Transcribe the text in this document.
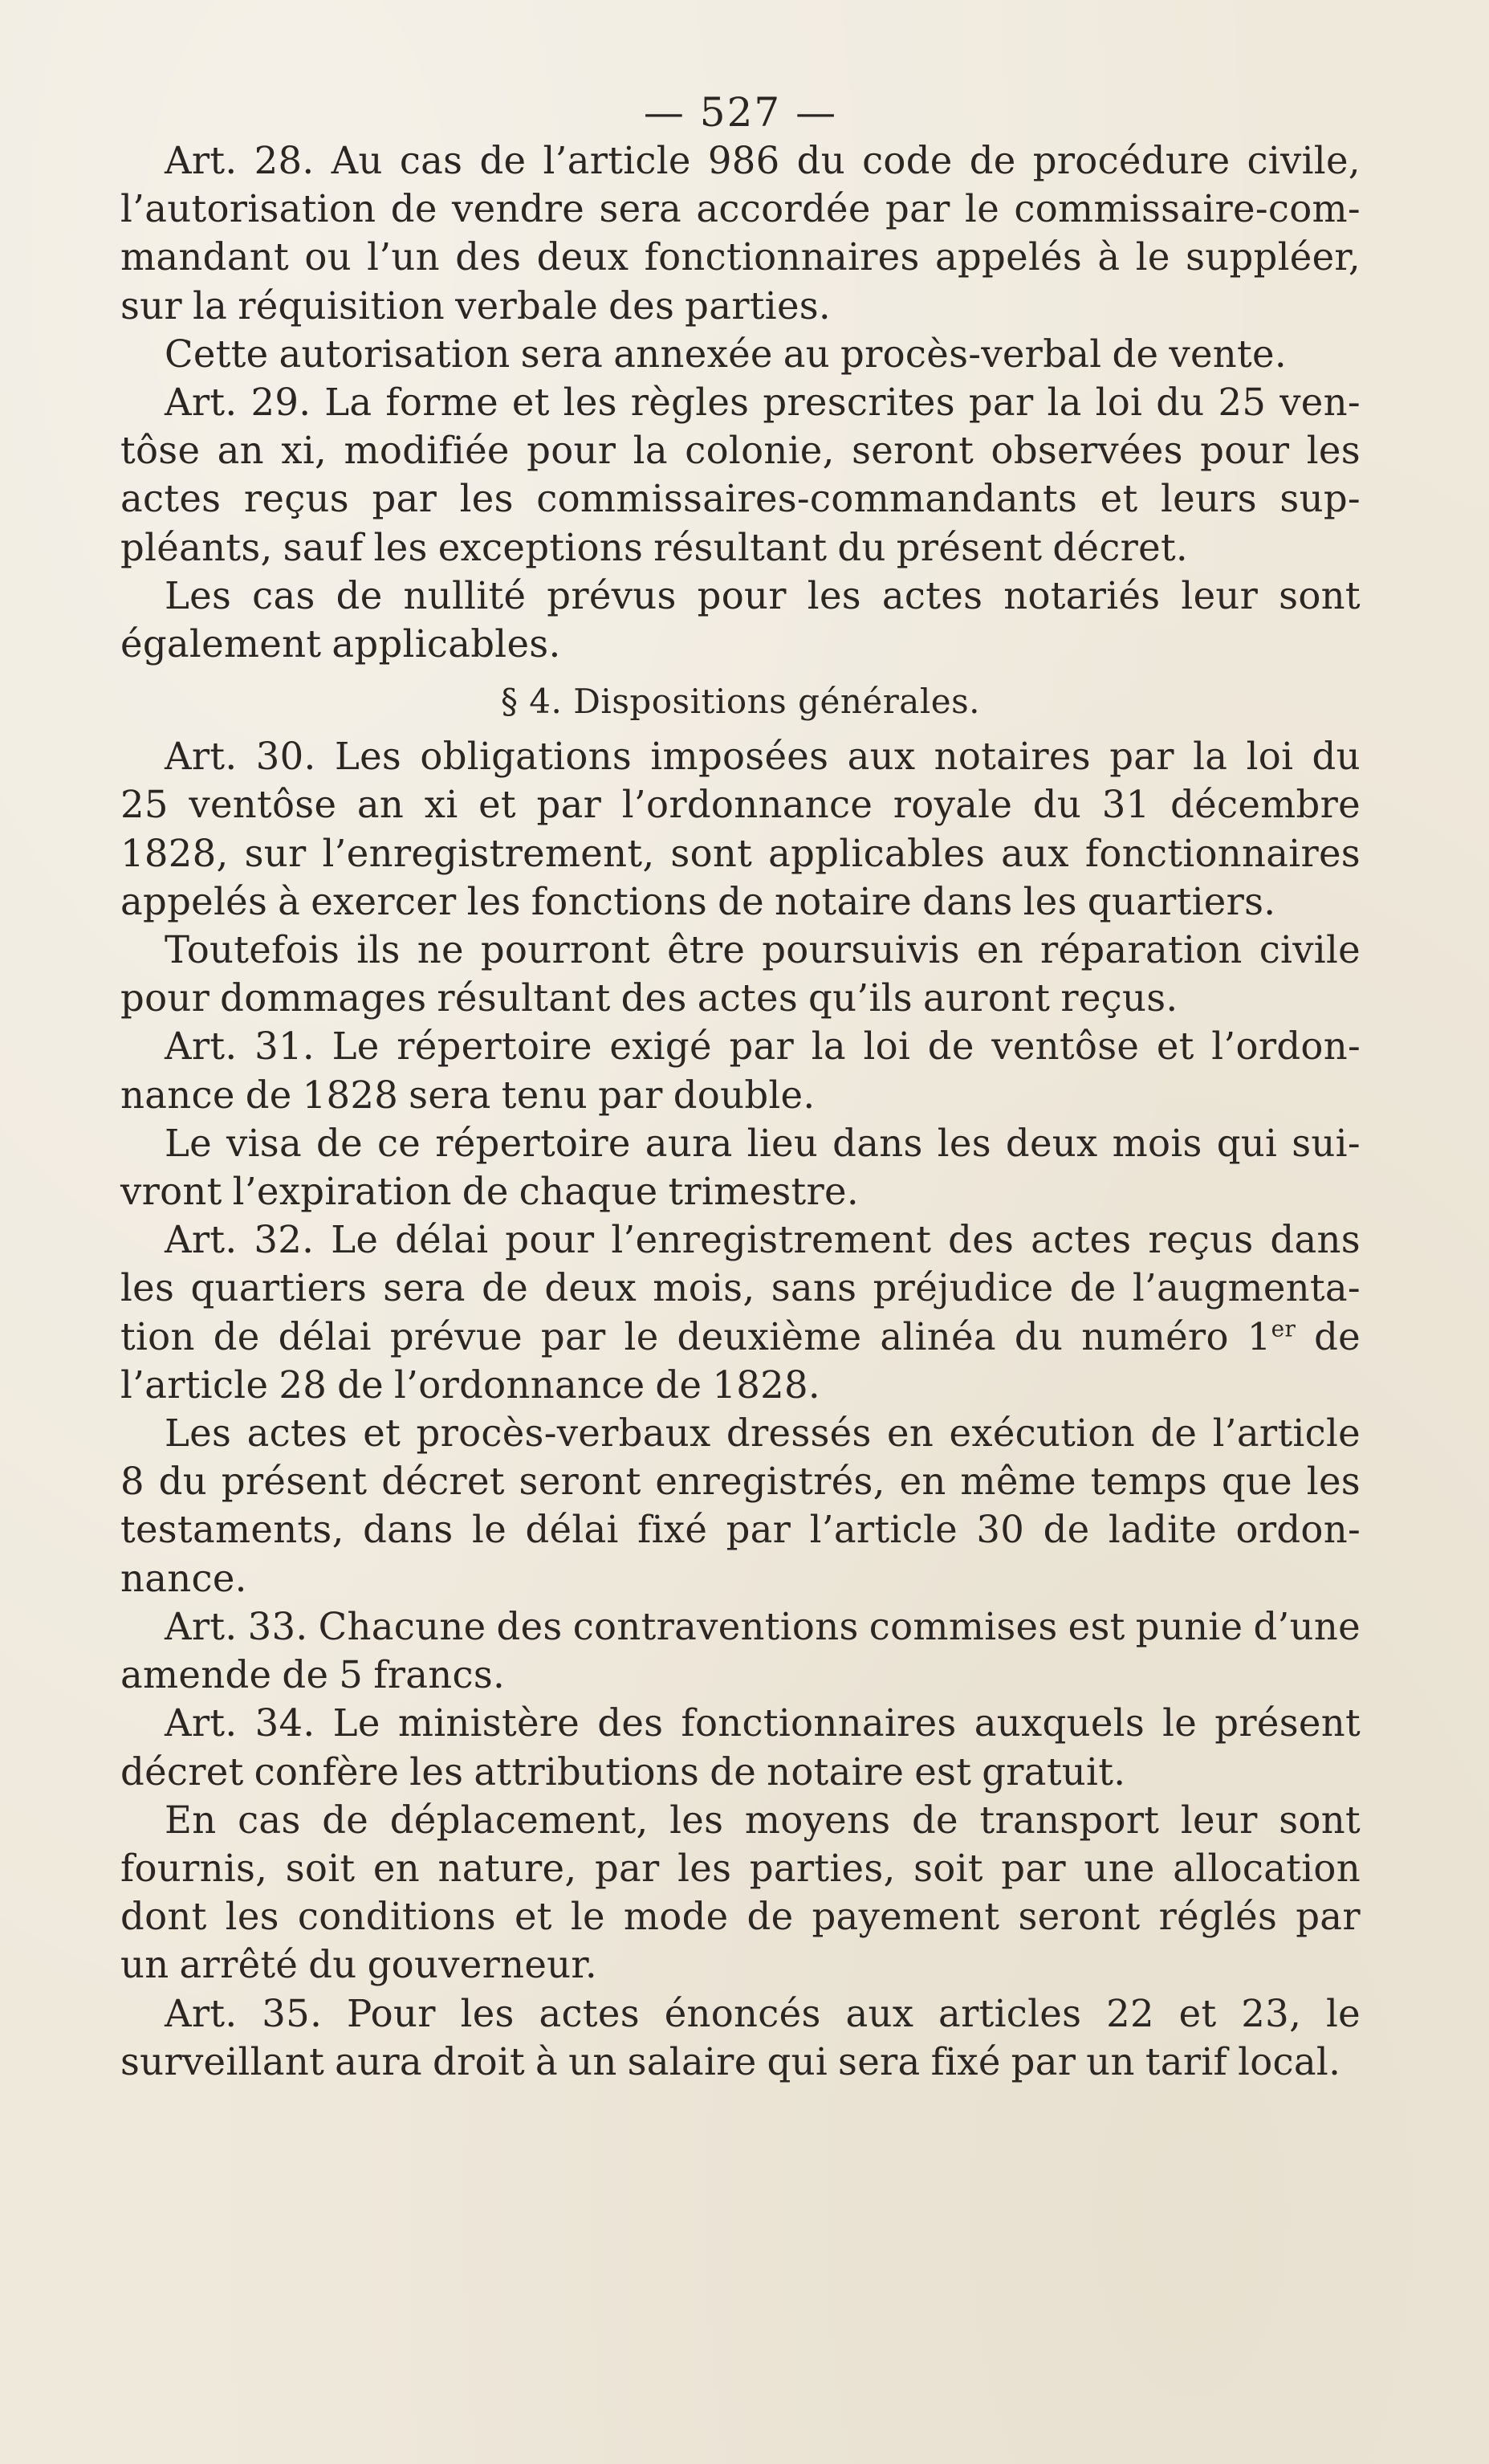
— 527 —
Art. 28. Au cas de l’article 986 du code de procédure civile,
l’autorisation de vendre sera accordée par le commissaire-com-
mandant ou l’un des deux fonctionnaires appelés à le suppléer,
sur la réquisition verbale des parties.
Cette autorisation sera annexée au procès-verbal de vente.
Art. 29. La forme et les règles prescrites par la loi du 25 ven-
tôse an xi, modifiée pour la colonie, seront observées pour les
actes reçus par les commissaires-commandants et leurs sup-
pléants, sauf les exceptions résultant du présent décret.
Les cas de nullité prévus pour les actes notariés leur sont
également applicables.
§ 4. Dispositions générales.
Art. 30. Les obligations imposées aux notaires par la loi du
25 ventôse an xi et par l’ordonnance royale du 31 décembre
1828, sur l’enregistrement, sont applicables aux fonctionnaires
appelés à exercer les fonctions de notaire dans les quartiers.
Toutefois ils ne pourront être poursuivis en réparation civile
pour dommages résultant des actes qu’ils auront reçus.
Art. 31. Le répertoire exigé par la loi de ventôse et l’ordon-
nance de 1828 sera tenu par double.
Le visa de ce répertoire aura lieu dans les deux mois qui sui-
vront l’expiration de chaque trimestre.
Art. 32. Le délai pour l’enregistrement des actes reçus dans
les quartiers sera de deux mois, sans préjudice de l’augmenta-
tion de délai prévue par le deuxième alinéa du numéro 1er de
l’article 28 de l’ordonnance de 1828.
Les actes et procès-verbaux dressés en exécution de l’article
8 du présent décret seront enregistrés, en même temps que les
testaments, dans le délai fixé par l’article 30 de ladite ordon-
nance.
Art. 33. Chacune des contraventions commises est punie d’une
amende de 5 francs.
Art. 34. Le ministère des fonctionnaires auxquels le présent
décret confère les attributions de notaire est gratuit.
En cas de déplacement, les moyens de transport leur sont
fournis, soit en nature, par les parties, soit par une allocation
dont les conditions et le mode de payement seront réglés par
un arrêté du gouverneur.
Art. 35. Pour les actes énoncés aux articles 22 et 23, le
surveillant aura droit à un salaire qui sera fixé par un tarif local.
